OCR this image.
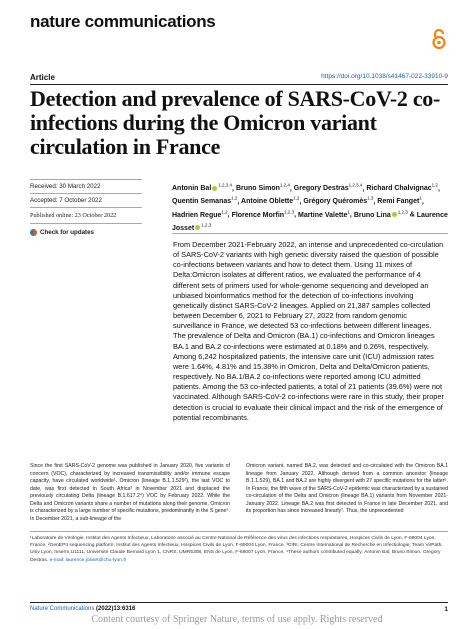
nature communications
Article	https://doi.org/10.1038/s41467-022-33910-9
Detection and prevalence of SARS-CoV-2 co-infections during the Omicron variant circulation in France
Received: 30 March 2022
Accepted: 7 October 2022
Published online: 23 October 2022
Check for updates
Antonin Bal $^{1,2,3,4}$, Bruno Simon$^{1,2,4}$, Gregory Destras$^{1,2,3,4}$, Richard Chalvignac$^{1,2}$, Quentin Semanas$^{1,2}$, Antoine Oblette$^{1,2}$, Grégory Quéromès$^{1,3}$, Remi Fanget$^1$, Hadrien Regue$^{1,2}$, Florence Morfin$^{1,2,3}$, Martine Valette$^1$, Bruno Lina $^{1,2,3}$ & Laurence Josset $^{1,2,3}$

From December 2021-February 2022, an intense and unprecedented co-circulation of SARS-CoV-2 variants with high genetic diversity raised the question of possible co-infections between variants and how to detect them. Using 11 mixes of Delta:Omicron isolates at different ratios, we evaluated the performance of 4 different sets of primers used for whole-genome sequencing and developed an unbiased bioinformatics method for the detection of co-infections involving genetically distinct SARS-CoV-2 lineages. Applied on 21,387 samples collected between December 6, 2021 to February 27, 2022 from random genomic surveillance in France, we detected 53 co-infections between different lineages. The prevalence of Delta and Omicron (BA.1) co-infections and Omicron lineages BA.1 and BA.2 co-infections were estimated at 0.18% and 0.26%, respectively. Among 6,242 hospitalized patients, the intensive care unit (ICU) admission rates were 1.64%, 4.81% and 15.38% in Omicron, Delta and Delta/Omicron patients, respectively. No BA.1/BA.2 co-infections were reported among ICU admitted patients. Among the 53 co-infected patients, a total of 21 patients (39.6%) were not vaccinated. Although SARS-CoV-2 co-infections were rare in this study, their proper detection is crucial to evaluate their clinical impact and the risk of the emergence of potential recombinants.

Since the first SARS-CoV-2 genome was published in January 2020, five variants of concern (VOC), characterized by increased transmissibility and/or immune escape capacity, have circulated worldwide¹. Omicron (lineage B.1.1.529²), the last VOC to date, was first detected in South Africa³ in November 2021 and displaced the previously circulating Delta (lineage B.1.617.2⁴) VOC by February 2022. While the Delta and Omicron variants share a number of mutations along their genome, Omicron is characterized by a large number of specific mutations, predominantly in the S gene⁵. In December 2021, a sub-lineage of the

Omicron variant, named BA.2, was detected and co-circulated with the Omicron BA.1 lineage from January 2022. Although derived from a common ancestor (lineage B.1.1.529), BA.1 and BA.2 are highly divergent with 27 specific mutations for the latter⁶. In France, the fifth wave of the SARS-CoV-2 epidemic was characterized by a sustained co-circulation of the Delta and Omicron (lineage BA.1) variants from November 2021-January 2022. Lineage BA.2 was first detected in France in late December 2021, and its proportion has since increased linearly⁷. Thus, the unprecedented

¹Laboratoire de Virologie, Institut des Agents Infectieux, Laboratoire associé au Centre National de Référence des virus des infections respiratoires, Hospices Civils de Lyon, F-69004 Lyon, France. ²GenEPII sequencing platform, Institut des Agents Infectieux, Hospices Civils de Lyon, F-69004 Lyon, France. ³CIRI, Centre International de Recherche en Infectiologie, Team VirPath, Univ Lyon, Inserm,U1111, Université Claude Bernard Lyon 1, CNRS, UMR5308, ENS de Lyon, F-69007 Lyon, France. ⁴These authors contributed equally: Antonin Bal, Bruno Simon, Gregory Destras. e-mail: laurence.josset@chu-lyon.fr
Nature Communications (2022)13:6316	1
Content courtesy of Springer Nature, terms of use apply. Rights reserved
